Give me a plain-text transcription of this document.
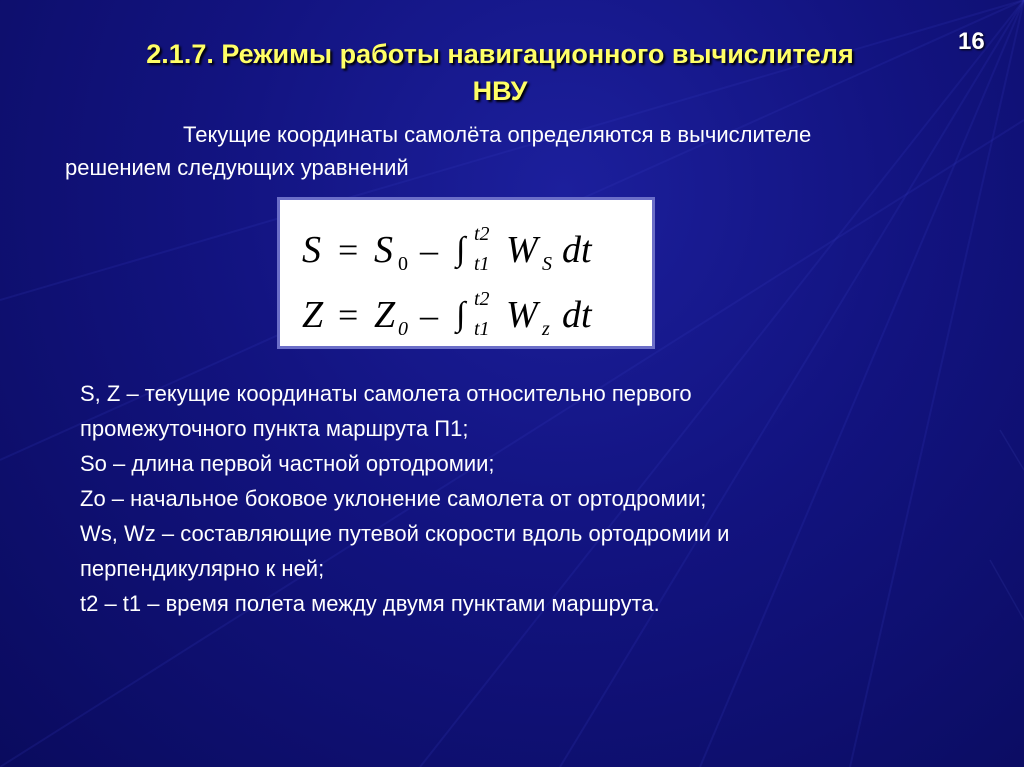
2.1.7. Режимы работы навигационного вычислителя
НВУ
16
Текущие координаты самолёта определяются в вычислителе
решением следующих уравнений
S = S 0 – ∫ t2
t1 W S dt
Z = Z 0 – ∫ t2
t1 W z dt
S, Z – текущие координаты самолета относительно первого
промежуточного пункта маршрута П1;
So – длина первой частной ортодромии;
Zo – начальное боковое уклонение самолета от ортодромии;
Ws, Wz – составляющие путевой скорости вдоль ортодромии и
перпендикулярно к ней;
t2 – t1 – время полета между двумя пунктами маршрута.
